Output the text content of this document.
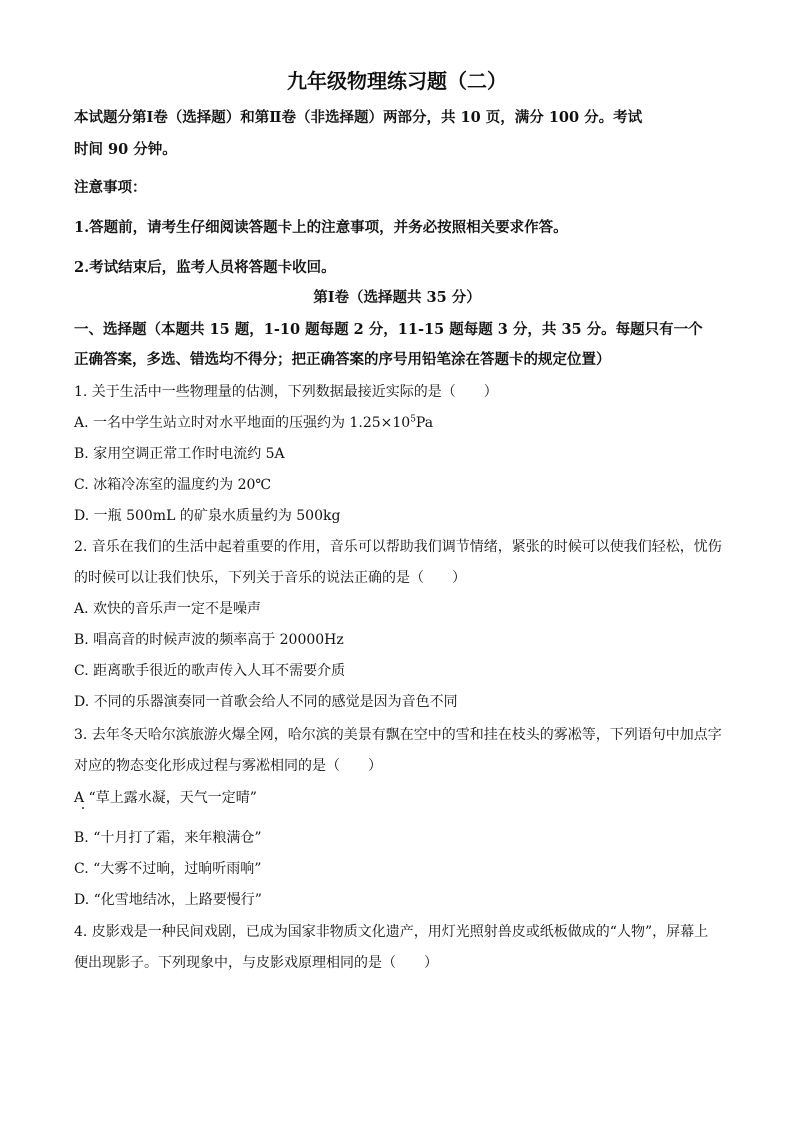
九年级物理练习题（二）
本试题分第Ⅰ卷（选择题）和第Ⅱ卷（非选择题）两部分，共 10 页，满分 100 分。考试
时间 90 分钟。
注意事项：
1.答题前，请考生仔细阅读答题卡上的注意事项，并务必按照相关要求作答。
2.考试结束后，监考人员将答题卡收回。
第Ⅰ卷（选择题共 35 分）
一、选择题（本题共 15 题，1-10 题每题 2 分，11-15 题每题 3 分，共 35 分。每题只有一个
正确答案，多选、错选均不得分；把正确答案的序号用铅笔涂在答题卡的规定位置）
1. 关于生活中一些物理量的估测，下列数据最接近实际的是（　　）
A. 一名中学生站立时对水平地面的压强约为 $1.25\times 10^5Pa$
B. 家用空调正常工作时电流约 5A
C. 冰箱冷冻室的温度约为 20℃
D. 一瓶 500mL 的矿泉水质量约为 500kg
2. 音乐在我们的生活中起着重要的作用，音乐可以帮助我们调节情绪，紧张的时候可以使我们轻松，忧伤
的时候可以让我们快乐，下列关于音乐的说法正确的是（　　）
A. 欢快的音乐声一定不是噪声
B. 唱高音的时候声波的频率高于 20000Hz
C. 距离歌手很近的歌声传入人耳不需要介质
D. 不同的乐器演奏同一首歌会给人不同的感觉是因为音色不同
3. 去年冬天哈尔滨旅游火爆全网，哈尔滨的美景有飘在空中的雪和挂在枝头的雾凇等，下列语句中加点字
对应的物态变化形成过程与雾凇相同的是（　　）
A “草上露水凝，天气一定晴”
B. “十月打了霜，来年粮满仓”
C. “大雾不过晌，过晌听雨响”
D. “化雪地结冰，上路要慢行”
4. 皮影戏是一种民间戏剧，已成为国家非物质文化遗产，用灯光照射兽皮或纸板做成的“人物”，屏幕上
便出现影子。下列现象中，与皮影戏原理相同的是（　　）
